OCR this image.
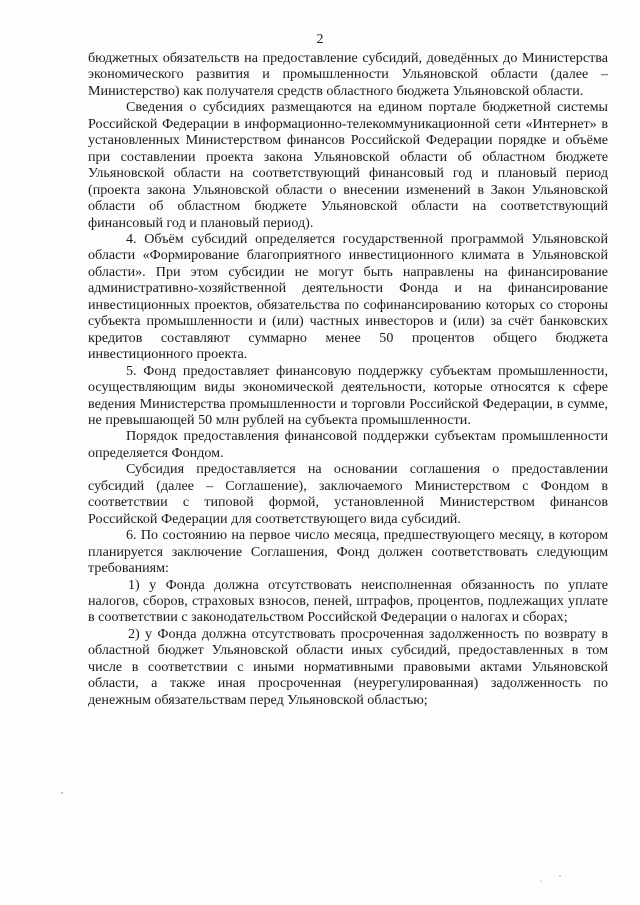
2

бюджетных обязательств на предоставление субсидий, доведённых до Министерства экономического развития и промышленности Ульяновской области (далее – Министерство) как получателя средств областного бюджета Ульяновской области.

Сведения о субсидиях размещаются на едином портале бюджетной системы Российской Федерации в информационно-телекоммуникационной сети «Интернет» в установленных Министерством финансов Российской Федерации порядке и объёме при составлении проекта закона Ульяновской области об областном бюджете Ульяновской области на соответствующий финансовый год и плановый период (проекта закона Ульяновской области о внесении изменений в Закон Ульяновской области об областном бюджете Ульяновской области на соответствующий финансовый год и плановый период).

4. Объём субсидий определяется государственной программой Ульяновской области «Формирование благоприятного инвестиционного климата в Ульяновской области». При этом субсидии не могут быть направлены на финансирование административно-хозяйственной деятельности Фонда и на финансирование инвестиционных проектов, обязательства по софинансированию которых со стороны субъекта промышленности и (или) частных инвесторов и (или) за счёт банковских кредитов составляют суммарно менее 50 процентов общего бюджета инвестиционного проекта.

5. Фонд предоставляет финансовую поддержку субъектам промышленности, осуществляющим виды экономической деятельности, которые относятся к сфере ведения Министерства промышленности и торговли Российской Федерации, в сумме, не превышающей 50 млн рублей на субъекта промышленности.

Порядок предоставления финансовой поддержки субъектам промышленности определяется Фондом.

Субсидия предоставляется на основании соглашения о предоставлении субсидий (далее – Соглашение), заключаемого Министерством с Фондом в соответствии с типовой формой, установленной Министерством финансов Российской Федерации для соответствующего вида субсидий.

6. По состоянию на первое число месяца, предшествующего месяцу, в котором планируется заключение Соглашения, Фонд должен соответствовать следующим требованиям:

1) у Фонда должна отсутствовать неисполненная обязанность по уплате налогов, сборов, страховых взносов, пеней, штрафов, процентов, подлежащих уплате в соответствии с законодательством Российской Федерации о налогах и сборах;

2) у Фонда должна отсутствовать просроченная задолженность по возврату в областной бюджет Ульяновской области иных субсидий, предоставленных в том числе в соответствии с иными нормативными правовыми актами Ульяновской области, а также иная просроченная (неурегулированная) задолженность по денежным обязательствам перед Ульяновской областью;
